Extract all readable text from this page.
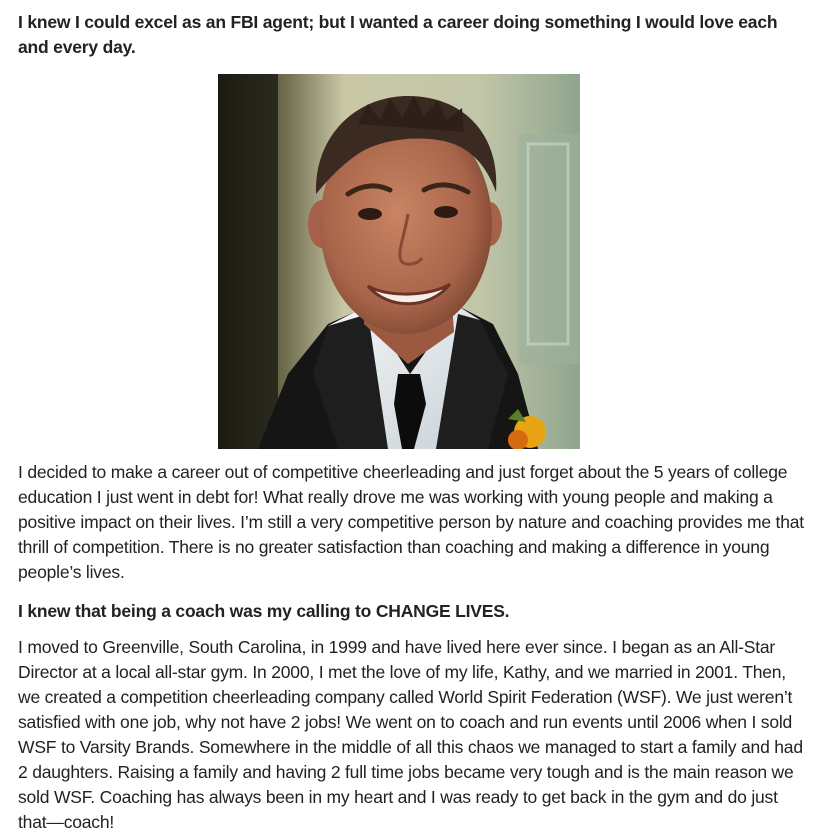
I knew I could excel as an FBI agent; but I wanted a career doing something I would love each and every day.

I decided to make a career out of competitive cheerleading and just forget about the 5 years of college education I just went in debt for! What really drove me was working with young people and making a positive impact on their lives. I’m still a very competitive person by nature and coaching provides me that thrill of competition. There is no greater satisfaction than coaching and making a difference in young people’s lives.

I knew that being a coach was my calling to CHANGE LIVES.

I moved to Greenville, South Carolina, in 1999 and have lived here ever since. I began as an All-Star Director at a local all-star gym. In 2000, I met the love of my life, Kathy, and we married in 2001. Then, we created a competition cheerleading company called World Spirit Federation (WSF). We just weren’t satisfied with one job, why not have 2 jobs! We went on to coach and run events until 2006 when I sold WSF to Varsity Brands. Somewhere in the middle of all this chaos we managed to start a family and had 2 daughters. Raising a family and having 2 full time jobs became very tough and is the main reason we sold WSF. Coaching has always been in my heart and I was ready to get back in the gym and do just that—coach!
